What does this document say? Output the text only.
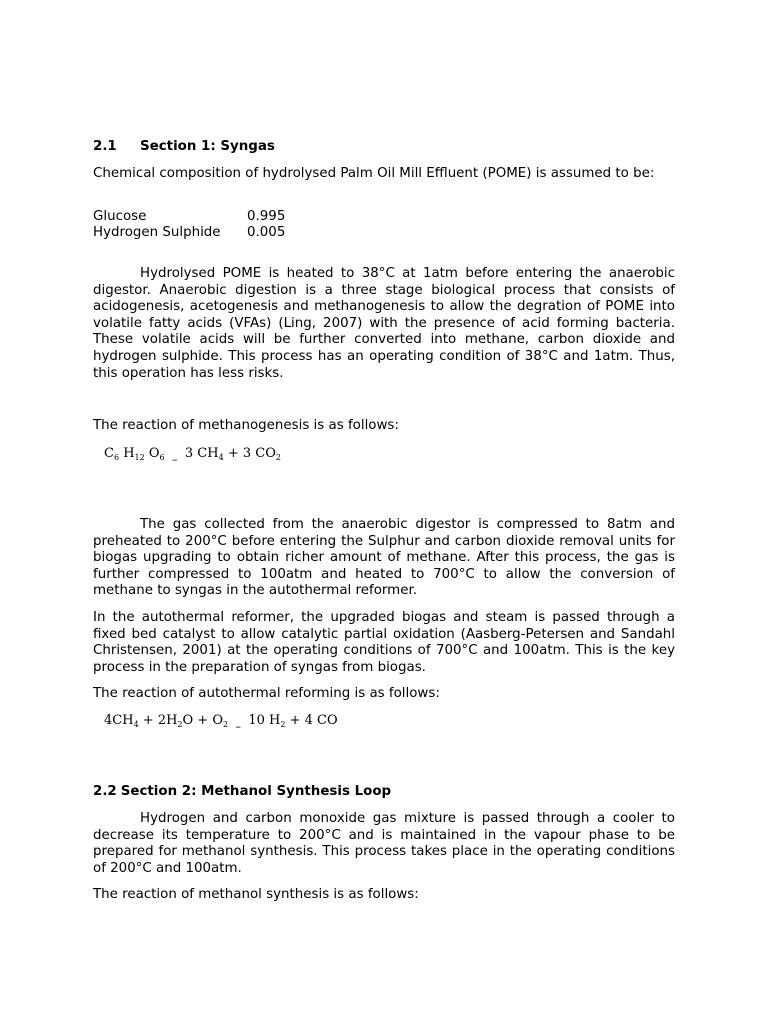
2.1 Section 1: Syngas
Chemical composition of hydrolysed Palm Oil Mill Effluent (POME) is assumed to be:
Glucose	0.995
Hydrogen Sulphide	0.005
Hydrolysed POME is heated to 38°C at 1atm before entering the anaerobic digestor. Anaerobic digestion is a three stage biological process that consists of acidogenesis, acetogenesis and methanogenesis to allow the degration of POME into volatile fatty acids (VFAs) (Ling, 2007) with the presence of acid forming bacteria. These volatile acids will be further converted into methane, carbon dioxide and hydrogen sulphide. This process has an operating condition of 38°C and 1atm. Thus, this operation has less risks.
The reaction of methanogenesis is as follows:
$C_6$ $H_{12}$ $O_6 - 3$ $CH_4 + 3$ $CO_2$
The gas collected from the anaerobic digestor is compressed to 8atm and preheated to 200°C before entering the Sulphur and carbon dioxide removal units for biogas upgrading to obtain richer amount of methane. After this process, the gas is further compressed to 100atm and heated to 700°C to allow the conversion of methane to syngas in the autothermal reformer.
In the autothermal reformer, the upgraded biogas and steam is passed through a fixed bed catalyst to allow catalytic partial oxidation (Aasberg-Petersen and Sandahl Christensen, 2001) at the operating conditions of 700°C and 100atm. This is the key process in the preparation of syngas from biogas.
The reaction of autothermal reforming is as follows:
$4CH_4 + 2H_2O + O_2 - 10$ $H_2 + 4$ CO
2.2 Section 2: Methanol Synthesis Loop
Hydrogen and carbon monoxide gas mixture is passed through a cooler to decrease its temperature to 200°C and is maintained in the vapour phase to be prepared for methanol synthesis. This process takes place in the operating conditions of 200°C and 100atm.
The reaction of methanol synthesis is as follows:
